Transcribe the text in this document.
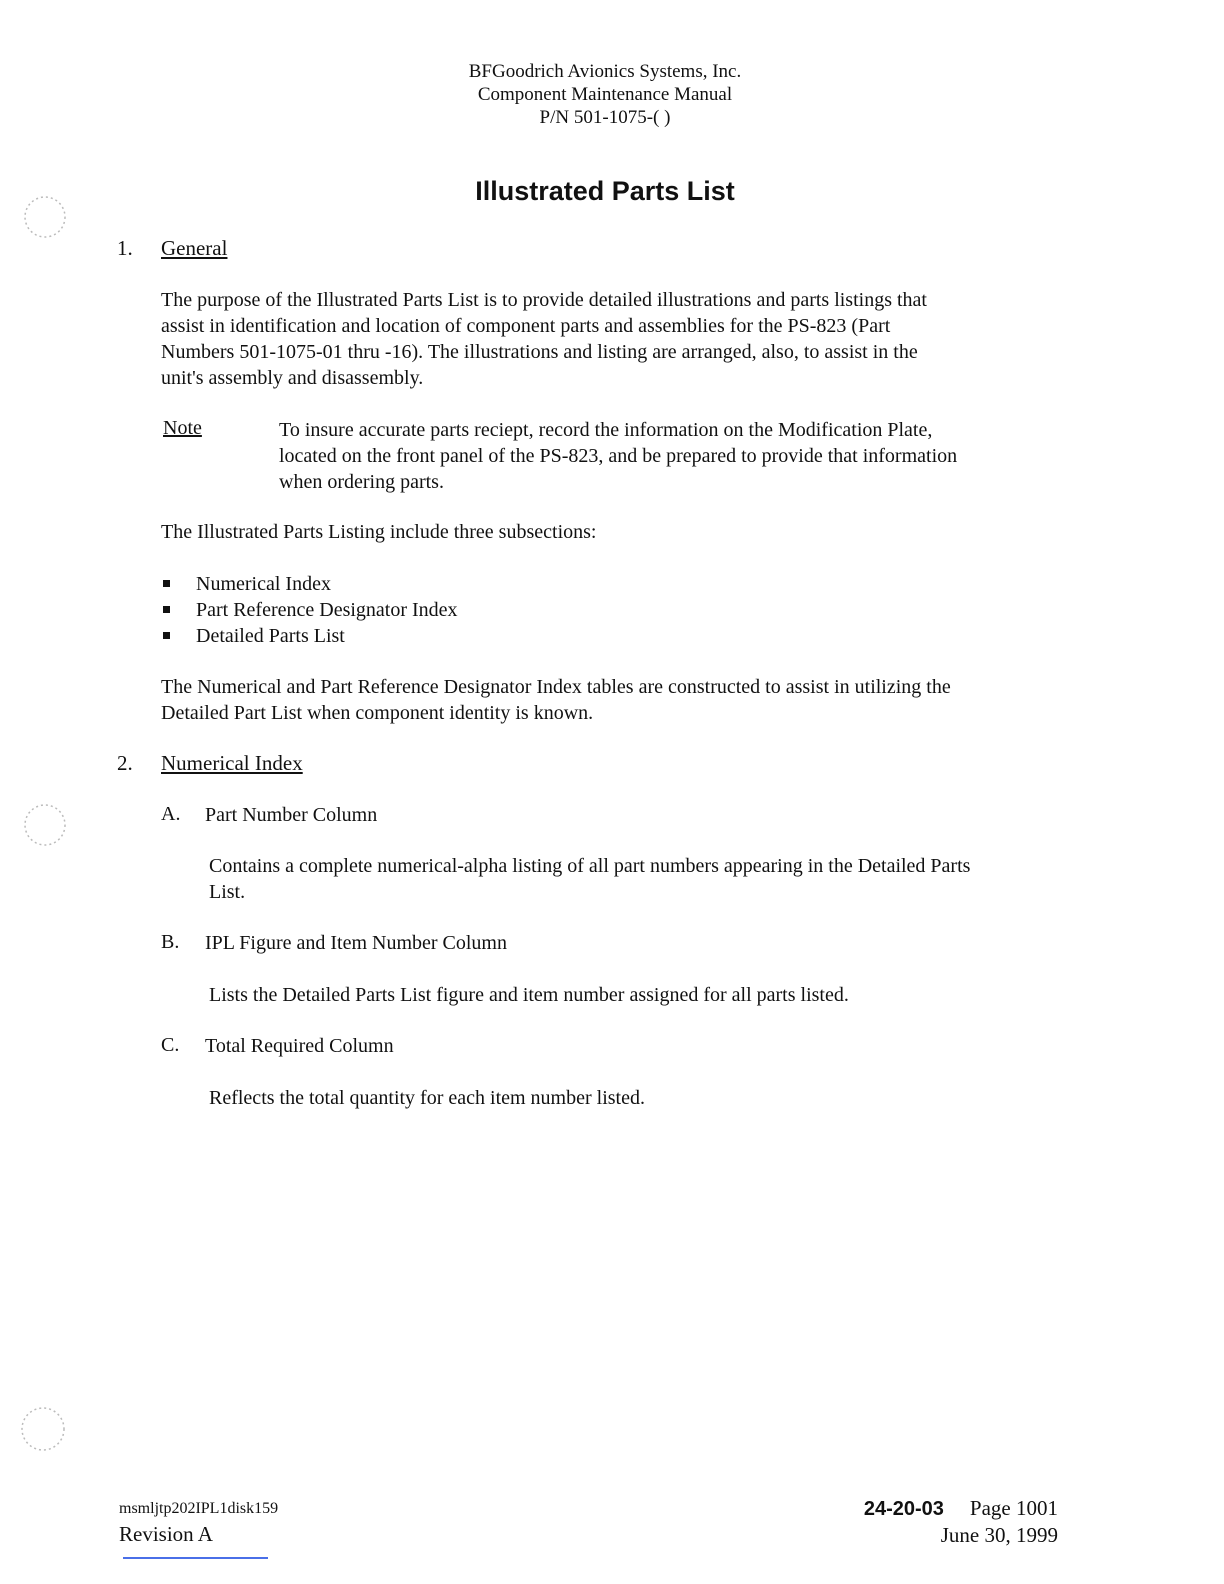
BFGoodrich Avionics Systems, Inc.
Component Maintenance Manual
P/N 501-1075-( )
Illustrated Parts List
1. General
The purpose of the Illustrated Parts List is to provide detailed illustrations and parts listings that
assist in identification and location of component parts and assemblies for the PS-823 (Part
Numbers 501-1075-01 thru -16). The illustrations and listing are arranged, also, to assist in the
unit's assembly and disassembly.
Note	To insure accurate parts reciept, record the information on the Modification Plate,
located on the front panel of the PS-823, and be prepared to provide that information
when ordering parts.
The Illustrated Parts Listing include three subsections:
Numerical Index
Part Reference Designator Index
Detailed Parts List
The Numerical and Part Reference Designator Index tables are constructed to assist in utilizing the
Detailed Part List when component identity is known.
2. Numerical Index
A. Part Number Column
Contains a complete numerical-alpha listing of all part numbers appearing in the Detailed Parts
List.
B. IPL Figure and Item Number Column
Lists the Detailed Parts List figure and item number assigned for all parts listed.
C. Total Required Column
Reflects the total quantity for each item number listed.
msmljtp202IPL1disk159
Revision A
24-20-03 Page 1001
June 30, 1999
